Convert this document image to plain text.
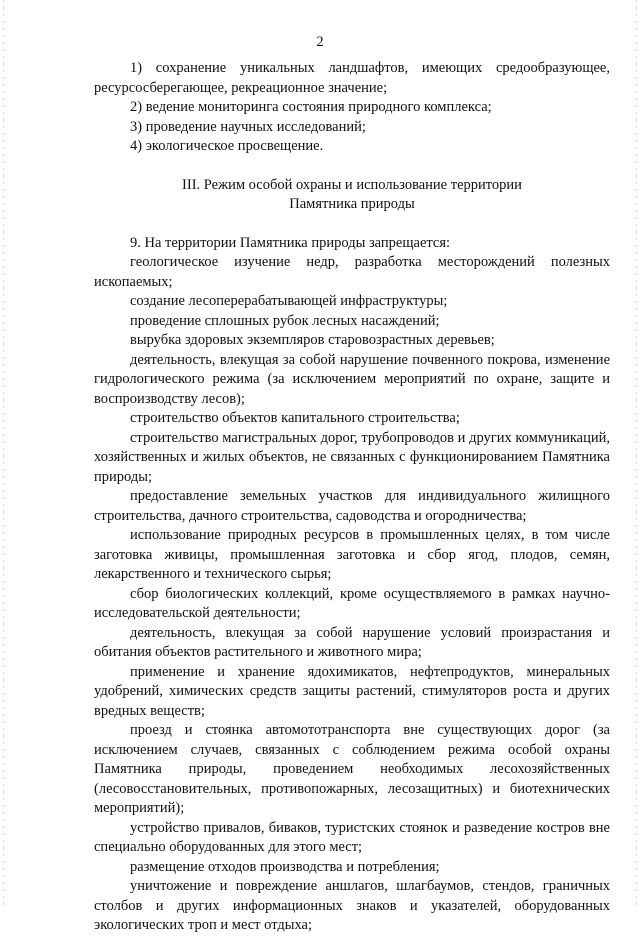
2

1) сохранение уникальных ландшафтов, имеющих средообразующее, ресурсосберегающее, рекреационное значение;

2) ведение мониторинга состояния природного комплекса;

3) проведение научных исследований;

4) экологическое просвещение.

III. Режим особой охраны и использование территории

Памятника природы

9. На территории Памятника природы запрещается:

геологическое изучение недр, разработка месторождений полезных ископаемых;

создание лесоперерабатывающей инфраструктуры;

проведение сплошных рубок лесных насаждений;

вырубка здоровых экземпляров старовозрастных деревьев;

деятельность, влекущая за собой нарушение почвенного покрова, изменение гидрологического режима (за исключением мероприятий по охране, защите и воспроизводству лесов);

строительство объектов капитального строительства;

строительство магистральных дорог, трубопроводов и других коммуникаций, хозяйственных и жилых объектов, не связанных с функционированием Памятника природы;

предоставление земельных участков для индивидуального жилищного строительства, дачного строительства, садоводства и огородничества;

использование природных ресурсов в промышленных целях, в том числе заготовка живицы, промышленная заготовка и сбор ягод, плодов, семян, лекарственного и технического сырья;

сбор биологических коллекций, кроме осуществляемого в рамках научно-исследовательской деятельности;

деятельность, влекущая за собой нарушение условий произрастания и обитания объектов растительного и животного мира;

применение и хранение ядохимикатов, нефтепродуктов, минеральных удобрений, химических средств защиты растений, стимуляторов роста и других вредных веществ;

проезд и стоянка автомототранспорта вне существующих дорог (за исключением случаев, связанных с соблюдением режима особой охраны Памятника природы, проведением необходимых лесохозяйственных (лесовосстановительных, противопожарных, лесозащитных) и биотехнических мероприятий);

устройство привалов, биваков, туристских стоянок и разведение костров вне специально оборудованных для этого мест;

размещение отходов производства и потребления;

уничтожение и повреждение аншлагов, шлагбаумов, стендов, граничных столбов и других информационных знаков и указателей, оборудованных экологических троп и мест отдыха;
